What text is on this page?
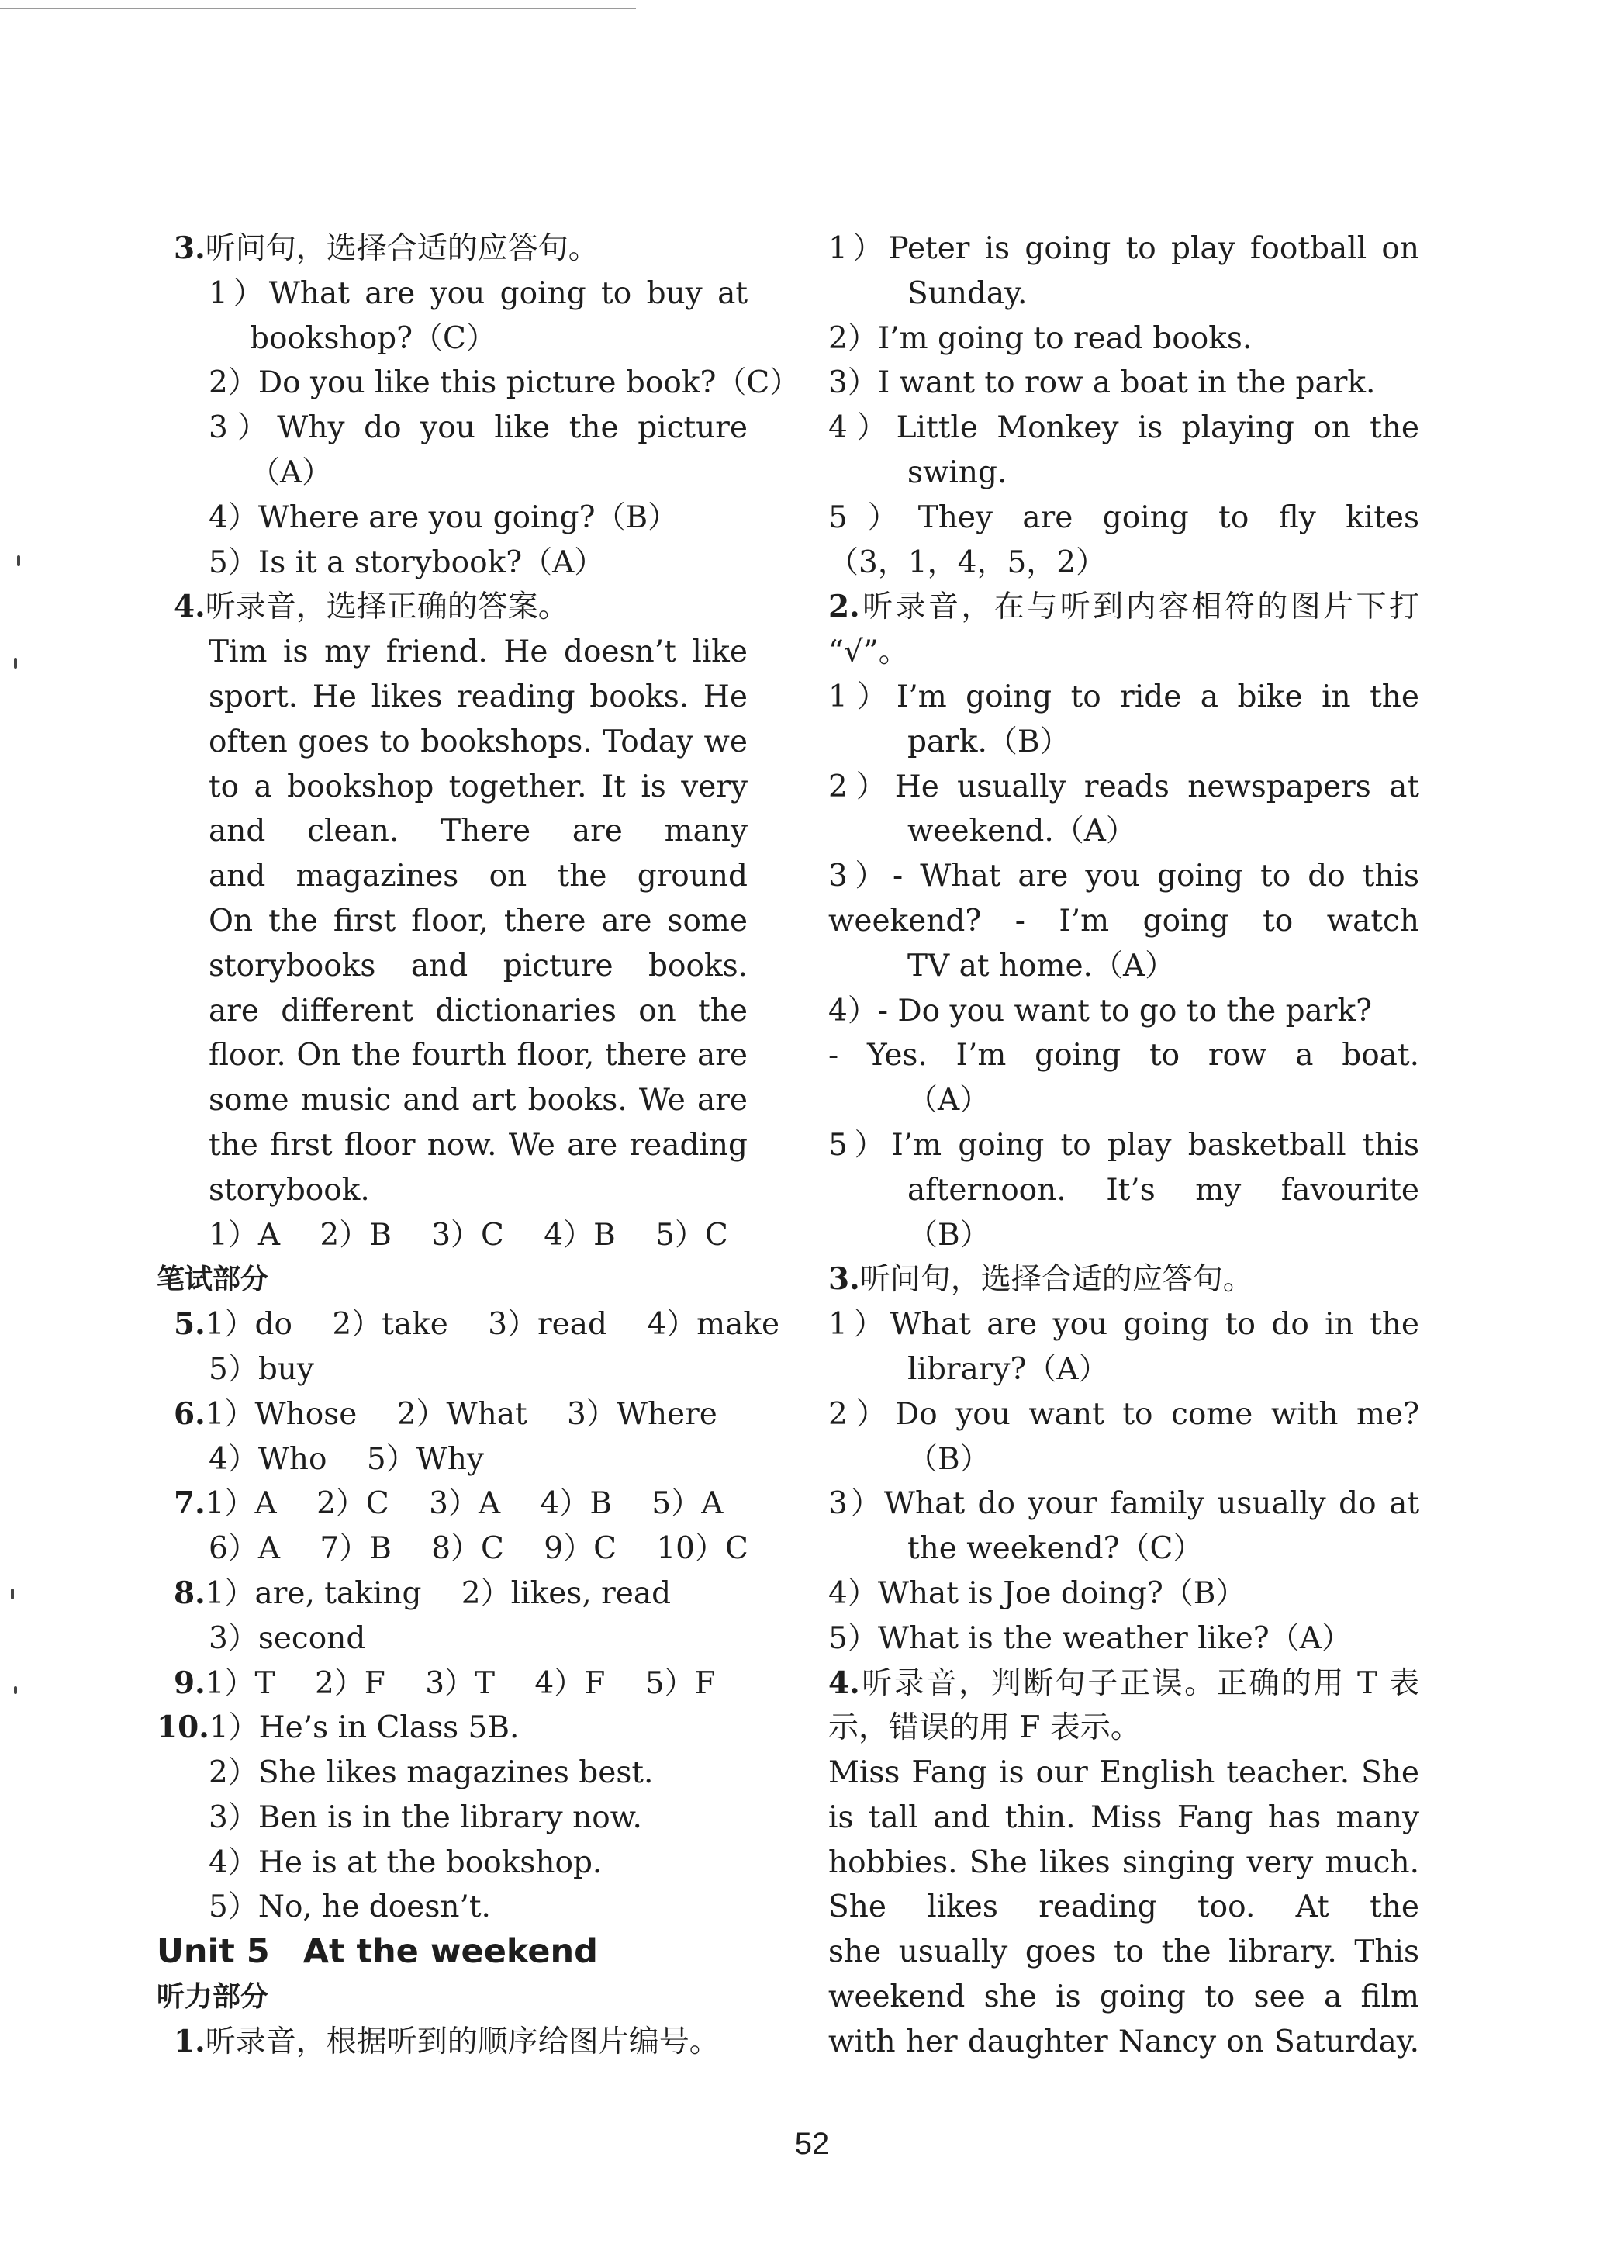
3.听问句，选择合适的应答句。
1）What are you going to buy at
bookshop?（C）
2）Do you like this picture book?（C）
3）Why do you like the picture
（A）
4）Where are you going?（B）
5）Is it a storybook?（A）
4.听录音，选择正确的答案。
Tim is my friend. He doesn’t like
sport. He likes reading books. He
often goes to bookshops. Today we
to a bookshop together. It is very
and clean. There are many
and magazines on the ground
On the first floor, there are some
storybooks and picture books.
are different dictionaries on the
floor. On the fourth floor, there are
some music and art books. We are
the first floor now. We are reading
storybook.
1）A　 2）B　 3）C　 4）B　 5）C
笔试部分
5.1）do　 2）take　 3）read　 4）make
5）buy
6.1）Whose　 2）What　 3）Where
4）Who　 5）Why
7.1）A　 2）C　 3）A　 4）B　 5）A
6）A　 7）B　 8）C　 9）C　 10）C
8.1）are, taking　 2）likes, read
3）second
9.1）T　 2）F　 3）T　 4）F　 5）F
10.1）He’s in Class 5B.
2）She likes magazines best.
3）Ben is in the library now.
4）He is at the bookshop.
5）No, he doesn’t.
Unit 5　At the weekend
听力部分
1.听录音，根据听到的顺序给图片编号。
1）Peter is going to play football on
Sunday.
2）I’m going to read books.
3）I want to row a boat in the park.
4）Little Monkey is playing on the
swing.
5）They are going to fly kites
（3，1，4，5，2）
2.听录音，在与听到内容相符的图片下打
“√”。
1）I’m going to ride a bike in the
park.（B）
2）He usually reads newspapers at
weekend.（A）
3）- What are you going to do this
weekend? - I’m going to watch
TV at home.（A）
4）- Do you want to go to the park?
- Yes. I’m going to row a boat.
（A）
5）I’m going to play basketball this
afternoon. It’s my favourite
（B）
3.听问句，选择合适的应答句。
1）What are you going to do in the
library?（A）
2）Do you want to come with me?
（B）
3）What do your family usually do at
the weekend?（C）
4）What is Joe doing?（B）
5）What is the weather like?（A）
4.听录音，判断句子正误。正确的用 T 表
示，错误的用 F 表示。
Miss Fang is our English teacher. She
is tall and thin. Miss Fang has many
hobbies. She likes singing very much.
She likes reading too. At the
she usually goes to the library. This
weekend she is going to see a film
with her daughter Nancy on Saturday.
52
